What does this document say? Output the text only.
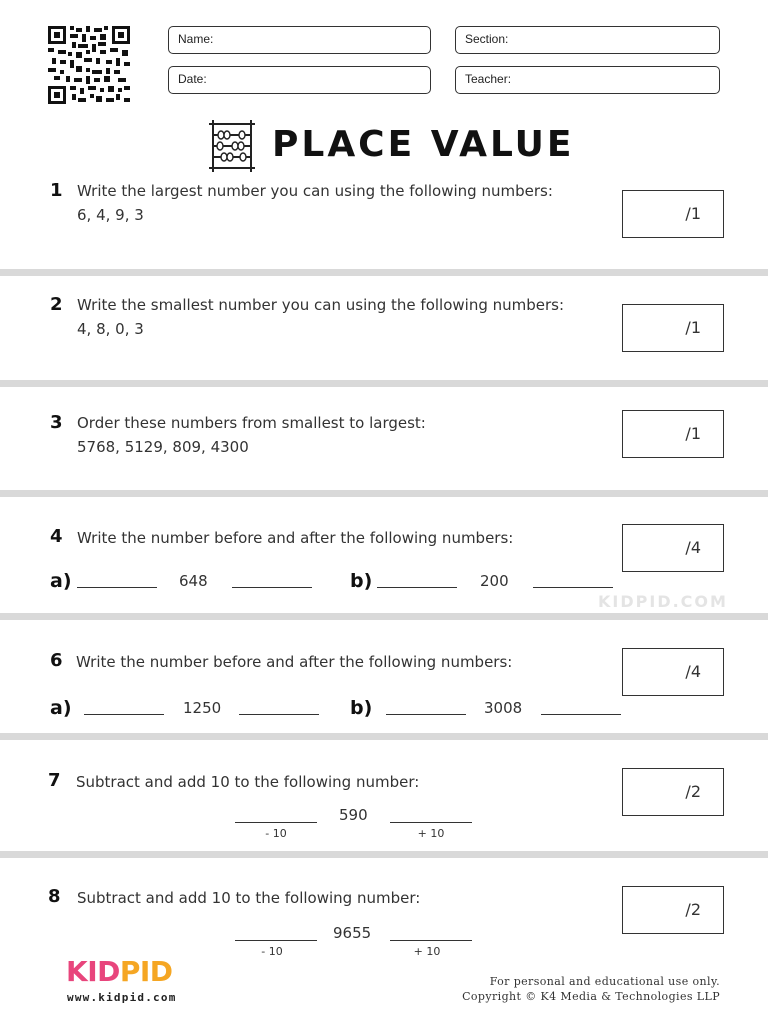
Name:	Section:
Date:	Teacher:
PLACE VALUE
1 Write the largest number you can using the following numbers:
6, 4, 9, 3	/1
2 Write the smallest number you can using the following numbers:
4, 8, 0, 3	/1
3 Order these numbers from smallest to largest:
5768, 5129, 809, 4300
/1
4 Write the number before and after the following numbers:	/4
a)	648	b)	200
KIDPID.COM
6 Write the number before and after the following numbers:	/4
a)	1250	b)	3008
7 Subtract and add 10 to the following number:	/2
590
- 10	+ 10
8 Subtract and add 10 to the following number:
/2
9655
- 10	+ 10
KIDPID
www.kidpid.com
For personal and educational use only.
Copyright © K4 Media & Technologies LLP
